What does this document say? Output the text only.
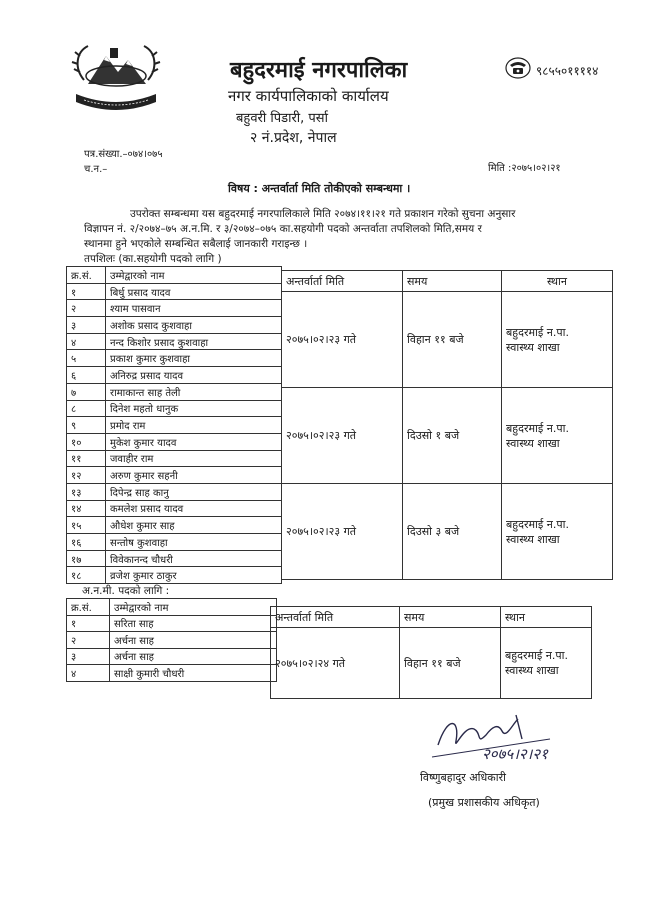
बहुदरमाई नगरपालिका
नगर कार्यपालिकाको कार्यालय
बहुवरी पिडारी, पर्सा
२ नं.प्रदेश, नेपाल
९८५५०११११४
पत्र.संख्या.–०७४।०७५
च.न.–	मिति :२०७५।०२।२१
विषय : अन्तर्वार्ता मिति तोकीएको सम्बन्धमा ।

उपरोक्त सम्बन्धमा यस बहुदरमाई नगरपालिकाले मिति २०७४।११।२१ गते प्रकाशन गरेको सुचना अनुसार

विज्ञापन नं. २/२०७४–७५ अ.न.मि. र ३/२०७४–०७५ का.सहयोगी पदको अन्तर्वाता तपशिलको मिति,समय र

स्थानमा हुने भएकोले सम्बन्धित सबैलाई जानकारी गराइन्छ ।

तपशिलः (का.सहयोगी पदको लागि )

क्र.सं.	उम्मेद्वारको नाम
१	बिर्धु प्रसाद यादव
२	श्याम पासवान
३	अशोक प्रसाद कुशवाहा
४	नन्द किशोर प्रसाद कुशवाहा
५	प्रकाश कुमार कुशवाहा
६	अनिरुद्र प्रसाद यादव
७	रामाकान्त साह तेली
८	दिनेश महतो धानुक
९	प्रमोद राम
१०	मुकेश कुमार यादव
११	जवाहीर राम
१२	अरुण कुमार सहनी
१३	दिपेन्द्र साह कानु
१४	कमलेश प्रसाद यादव
१५	औधेश कुमार साह
१६	सन्तोष कुशवाहा
१७	विवेकानन्द चौधरी
१८	व्रजेश कुमार ठाकुर
अन्तर्वार्ता मिति	समय	स्थान
२०७५।०२।२३ गते	विहान ११ बजे	बहुदरमाई न.पा.
स्वास्थ्य शाखा

२०७५।०२।२३ गते	दिउसो १ बजे	बहुदरमाई न.पा.
स्वास्थ्य शाखा

२०७५।०२।२३ गते	दिउसो ३ बजे	बहुदरमाई न.पा.
स्वास्थ्य शाखा
अ.न.मी. पदको लागि :
क्र.सं.	उम्मेद्वारको नाम
१	सरिता साह
२	अर्चना साह
३	अर्चना साह
४	साक्षी कुमारी चौधरी
अन्तर्वार्ता मिति	समय	स्थान
२०७५।०२।२४ गते	विहान ११ बजे	बहुदरमाई न.पा.
स्वास्थ्य शाखा
२०७५।२।२१
विष्णुबहादुर अधिकारी
(प्रमुख प्रशासकीय अधिकृत)
